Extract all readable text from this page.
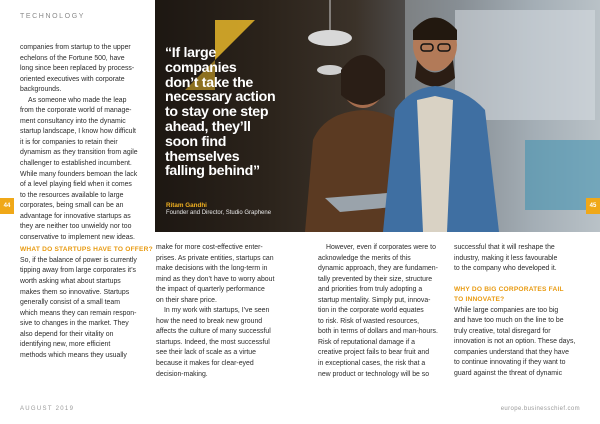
TECHNOLOGY
companies from startup to the upper
echelons of the Fortune 500, have
long since been replaced by process-
oriented executives with corporate
backgrounds.
As someone who made the leap
from the corporate world of manage-
ment consultancy into the dynamic
startup landscape, I know how difficult
it is for companies to retain their
dynamism as they transition from agile
challenger to established incumbent.
While many founders bemoan the lack
of a level playing field when it comes
to the resources available to large
corporates, being small can be an
advantage for innovative startups as
they are neither too unwieldy nor too
conservative to implement new ideas.
WHAT DO STARTUPS HAVE TO OFFER?
So, if the balance of power is currently
tipping away from large corporates it’s
worth asking what about startups
makes them so innovative. Startups
generally consist of a small team
which means they can remain respon-
sive to changes in the market. They
also depend for their vitality on
identifying new, more efficient
methods which means they usually
“If large
companies
don’t take the
necessary action
to stay one step
ahead, they’ll
soon find
themselves
falling behind”
Ritam Gandhi
Founder and Director, Studio Graphene
make for more cost-effective enter-
prises. As private entities, startups can
make decisions with the long-term in
mind as they don’t have to worry about
the impact of quarterly performance
on their share price.
In my work with startups, I’ve seen
how the need to break new ground
affects the culture of many successful
startups. Indeed, the most successful
see their lack of scale as a virtue
because it makes for clear-eyed
decision-making.
However, even if corporates were to
acknowledge the merits of this
dynamic approach, they are fundamen-
tally prevented by their size, structure
and priorities from truly adopting a
startup mentality. Simply put, innova-
tion in the corporate world equates
to risk. Risk of wasted resources,
both in terms of dollars and man-hours.
Risk of reputational damage if a
creative project fails to bear fruit and
in exceptional cases, the risk that a
new product or technology will be so
successful that it will reshape the
industry, making it less favourable
to the company who developed it.
WHY DO BIG CORPORATES FAIL
TO INNOVATE?
While large companies are too big
and have too much on the line to be
truly creative, total disregard for
innovation is not an option. These days,
companies understand that they have
to continue innovating if they want to
guard against the threat of dynamic
44	45
AUGUST 2019	europe.businesschief.com
